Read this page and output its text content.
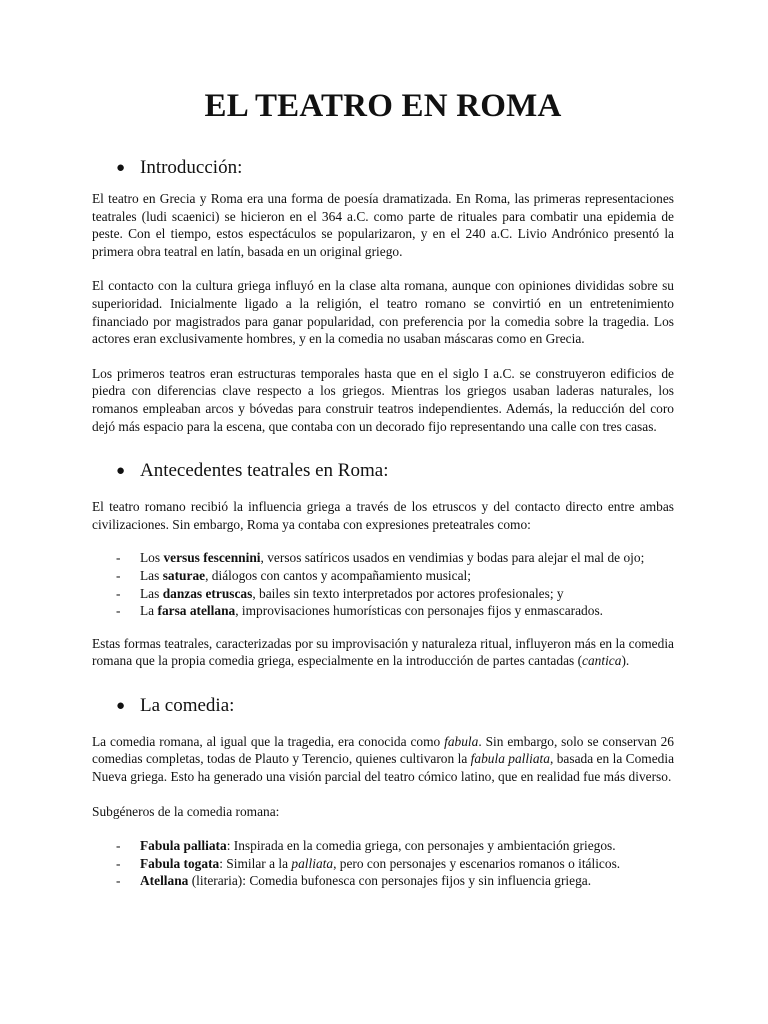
EL TEATRO EN ROMA
● Introducción:

El teatro en Grecia y Roma era una forma de poesía dramatizada. En Roma, las primeras representaciones teatrales (ludi scaenici) se hicieron en el 364 a.C. como parte de rituales para combatir una epidemia de peste. Con el tiempo, estos espectáculos se popularizaron, y en el 240 a.C. Livio Andrónico presentó la primera obra teatral en latín, basada en un original griego.

El contacto con la cultura griega influyó en la clase alta romana, aunque con opiniones divididas sobre su superioridad. Inicialmente ligado a la religión, el teatro romano se convirtió en un entretenimiento financiado por magistrados para ganar popularidad, con preferencia por la comedia sobre la tragedia. Los actores eran exclusivamente hombres, y en la comedia no usaban máscaras como en Grecia.

Los primeros teatros eran estructuras temporales hasta que en el siglo I a.C. se construyeron edificios de piedra con diferencias clave respecto a los griegos. Mientras los griegos usaban laderas naturales, los romanos empleaban arcos y bóvedas para construir teatros independientes. Además, la reducción del coro dejó más espacio para la escena, que contaba con un decorado fijo representando una calle con tres casas.

● Antecedentes teatrales en Roma:

El teatro romano recibió la influencia griega a través de los etruscos y del contacto directo entre ambas civilizaciones. Sin embargo, Roma ya contaba con expresiones preteatrales como:

-	Los versus fescennini, versos satíricos usados en vendimias y bodas para alejar el mal de ojo;
-	Las saturae, diálogos con cantos y acompañamiento musical;
-	Las danzas etruscas, bailes sin texto interpretados por actores profesionales; y
-	La farsa atellana, improvisaciones humorísticas con personajes fijos y enmascarados.

Estas formas teatrales, caracterizadas por su improvisación y naturaleza ritual, influyeron más en la comedia romana que la propia comedia griega, especialmente en la introducción de partes cantadas (cantica).

● La comedia:

La comedia romana, al igual que la tragedia, era conocida como fabula. Sin embargo, solo se conservan 26 comedias completas, todas de Plauto y Terencio, quienes cultivaron la fabula palliata, basada en la Comedia Nueva griega. Esto ha generado una visión parcial del teatro cómico latino, que en realidad fue más diverso.

Subgéneros de la comedia romana:

-	Fabula palliata: Inspirada en la comedia griega, con personajes y ambientación griegos.
-	Fabula togata: Similar a la palliata, pero con personajes y escenarios romanos o itálicos.
-	Atellana (literaria): Comedia bufonesca con personajes fijos y sin influencia griega.
